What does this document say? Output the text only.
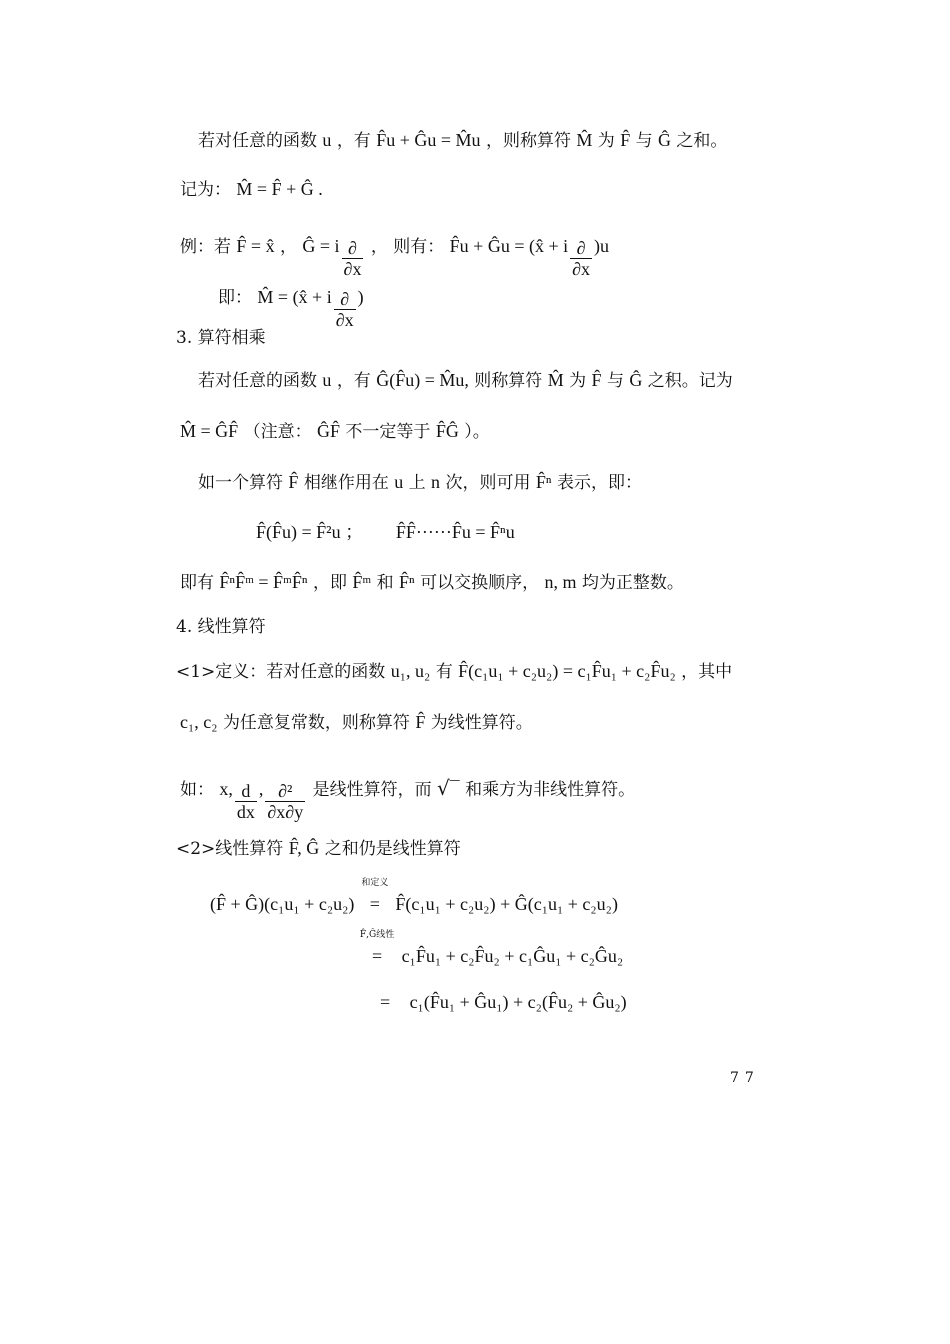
若对任意的函数 u ，有 F̂u + Ĝu = M̂u ，则称算符 M̂ 为 F̂ 与 Ĝ 之和。
记为： M̂ = F̂ + Ĝ .
例：若 F̂ = x̂ ， Ĝ = i $\frac{\partial}{\partial x}$ ， 则有： F̂u + Ĝu = (x̂ + i $\frac{\partial}{\partial x} )u$
即： M̂ = (x̂ + i $\frac{\partial}{\partial x}$ )
3. 算符相乘
若对任意的函数 u ，有 Ĝ(F̂u) = M̂u, 则称算符 M̂ 为 F̂ 与 Ĝ 之积。记为
M̂ = ĜF̂ （注意： ĜF̂ 不一定等于 F̂Ĝ ）。
如一个算符 F̂ 相继作用在 u 上 n 次，则可用 F̂ⁿ 表示，即：
F̂(F̂u) = F̂²u ； F̂F̂······F̂u = F̂ⁿu
即有 F̂ⁿF̂ᵐ = F̂ᵐF̂ⁿ ，即 F̂ᵐ 和 F̂ⁿ 可以交换顺序， n, m 均为正整数。
4. 线性算符
<1>定义：若对任意的函数 u₁, u₂ 有 F̂(c₁u₁ + c₂u₂) = c₁F̂u₁ + c₂F̂u₂ ，其中
c₁, c₂ 为任意复常数，则称算符 F̂ 为线性算符。
如： x, $\frac{d}{dx}$ , $\frac{\text{∂²}}{\partial x\partial y}$ 是线性算符，而 √‾ 和乘方为非线性算符。
<2>线性算符 F̂, Ĝ 之和仍是线性算符
(F̂ + Ĝ)(c₁u₁ + c₂u₂)
和定义
= F̂(c₁u₁ + c₂u₂) + Ĝ(c₁u₁ + c₂u₂)
F̂,Ĝ线性
= c₁F̂u₁ + c₂F̂u₂ + c₁Ĝu₁ + c₂Ĝu₂
= c₁(F̂u₁ + Ĝu₁) + c₂(F̂u₂ + Ĝu₂)
77
